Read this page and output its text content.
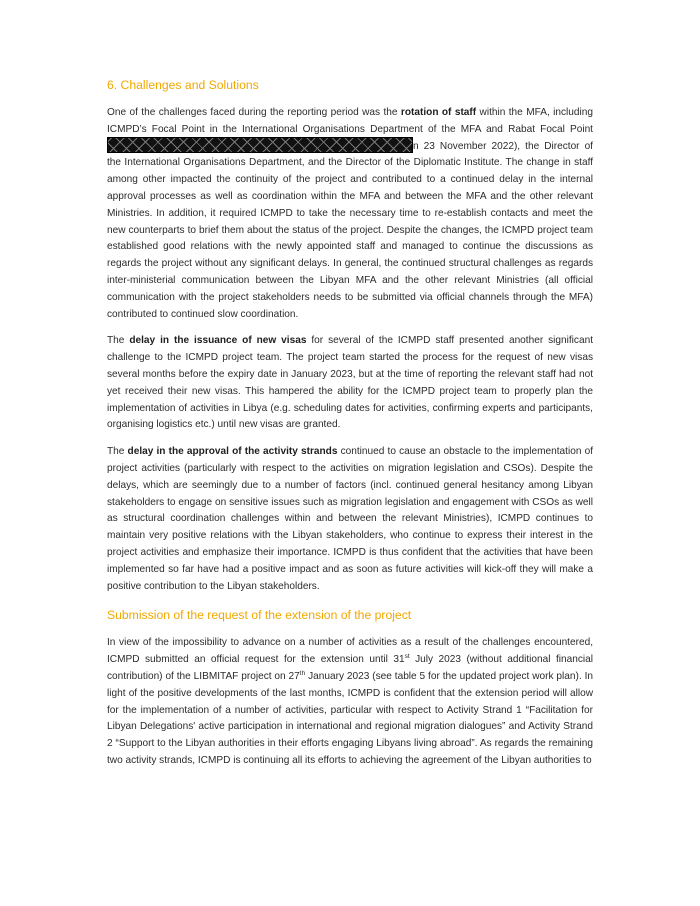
6. Challenges and Solutions

One of the challenges faced during the reporting period was the rotation of staff within the MFA, including ICMPD’s Focal Point in the International Organisations Department of the MFA and Rabat Focal Point n 23 November 2022), the Director of the International Organisations Department, and the Director of the Diplomatic Institute. The change in staff among other impacted the continuity of the project and contributed to a continued delay in the internal approval processes as well as coordination within the MFA and between the MFA and the other relevant Ministries. In addition, it required ICMPD to take the necessary time to re-establish contacts and meet the new counterparts to brief them about the status of the project. Despite the changes, the ICMPD project team established good relations with the newly appointed staff and managed to continue the discussions as regards the project without any significant delays. In general, the continued structural challenges as regards inter-ministerial communication between the Libyan MFA and the other relevant Ministries (all official communication with the project stakeholders needs to be submitted via official channels through the MFA) contributed to continued slow coordination.

The delay in the issuance of new visas for several of the ICMPD staff presented another significant challenge to the ICMPD project team. The project team started the process for the request of new visas several months before the expiry date in January 2023, but at the time of reporting the relevant staff had not yet received their new visas. This hampered the ability for the ICMPD project team to properly plan the implementation of activities in Libya (e.g. scheduling dates for activities, confirming experts and participants, organising logistics etc.) until new visas are granted.

The delay in the approval of the activity strands continued to cause an obstacle to the implementation of project activities (particularly with respect to the activities on migration legislation and CSOs). Despite the delays, which are seemingly due to a number of factors (incl. continued general hesitancy among Libyan stakeholders to engage on sensitive issues such as migration legislation and engagement with CSOs as well as structural coordination challenges within and between the relevant Ministries), ICMPD continues to maintain very positive relations with the Libyan stakeholders, who continue to express their interest in the project activities and emphasize their importance. ICMPD is thus confident that the activities that have been implemented so far have had a positive impact and as soon as future activities will kick-off they will make a positive contribution to the Libyan stakeholders.

Submission of the request of the extension of the project

In view of the impossibility to advance on a number of activities as a result of the challenges encountered, ICMPD submitted an official request for the extension until 31st July 2023 (without additional financial contribution) of the LIBMITAF project on 27th January 2023 (see table 5 for the updated project work plan). In light of the positive developments of the last months, ICMPD is confident that the extension period will allow for the implementation of a number of activities, particular with respect to Activity Strand 1 “Facilitation for Libyan Delegations' active participation in international and regional migration dialogues” and Activity Strand 2 “Support to the Libyan authorities in their efforts engaging Libyans living abroad”. As regards the remaining two activity strands, ICMPD is continuing all its efforts to achieving the agreement of the Libyan authorities to
